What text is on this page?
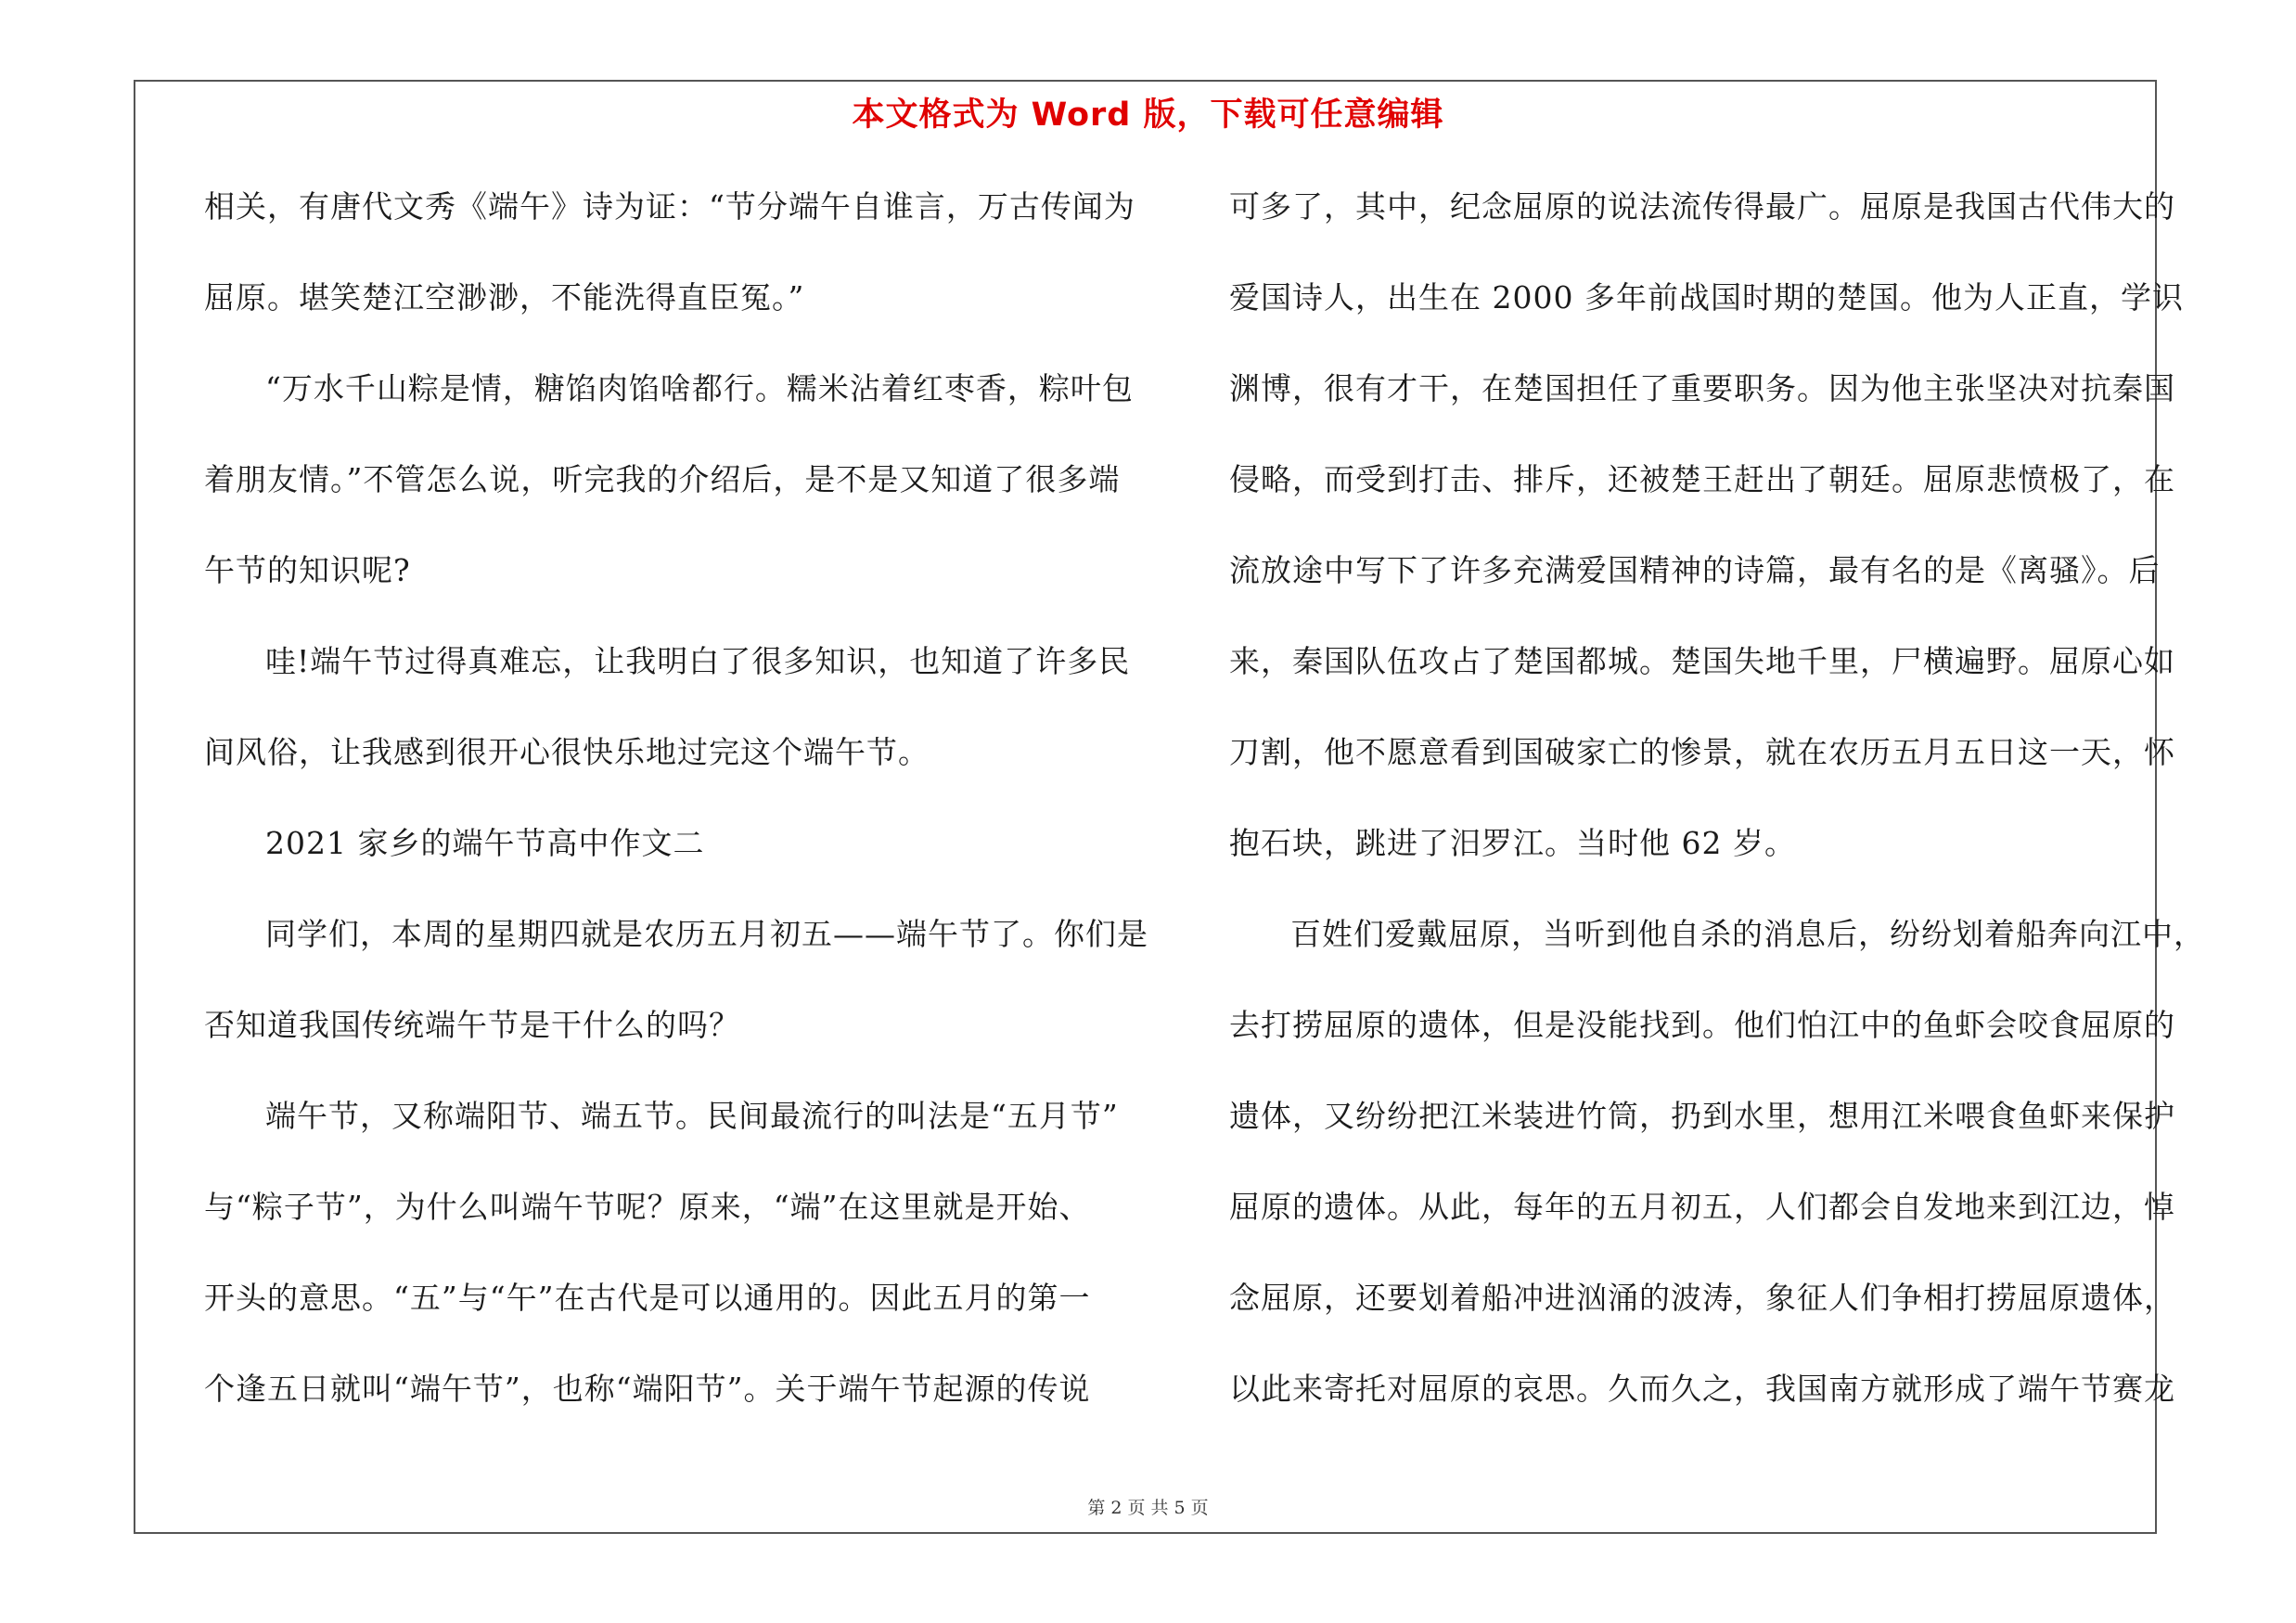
本文格式为 Word 版，下载可任意编辑
相关，有唐代文秀《端午》诗为证：“节分端午自谁言，万古传闻为
屈原。堪笑楚江空渺渺，不能洗得直臣冤。”
“万水千山粽是情，糖馅肉馅啥都行。糯米沾着红枣香，粽叶包
着朋友情。”不管怎么说，听完我的介绍后，是不是又知道了很多端
午节的知识呢?
哇!端午节过得真难忘，让我明白了很多知识，也知道了许多民
间风俗，让我感到很开心很快乐地过完这个端午节。
2021 家乡的端午节高中作文二
同学们，本周的星期四就是农历五月初五——端午节了。你们是
否知道我国传统端午节是干什么的吗？
端午节，又称端阳节、端五节。民间最流行的叫法是“五月节”
与“粽子节”，为什么叫端午节呢？原来，“端”在这里就是开始、
开头的意思。“五”与“午”在古代是可以通用的。因此五月的第一
个逢五日就叫“端午节”，也称“端阳节”。关于端午节起源的传说
可多了，其中，纪念屈原的说法流传得最广。屈原是我国古代伟大的
爱国诗人，出生在 2000 多年前战国时期的楚国。他为人正直，学识
渊博，很有才干，在楚国担任了重要职务。因为他主张坚决对抗秦国
侵略，而受到打击、排斥，还被楚王赶出了朝廷。屈原悲愤极了，在
流放途中写下了许多充满爱国精神的诗篇，最有名的是《离骚》。后
来，秦国队伍攻占了楚国都城。楚国失地千里，尸横遍野。屈原心如
刀割，他不愿意看到国破家亡的惨景，就在农历五月五日这一天，怀
抱石块，跳进了汨罗江。当时他 62 岁。
百姓们爱戴屈原，当听到他自杀的消息后，纷纷划着船奔向江中，
去打捞屈原的遗体，但是没能找到。他们怕江中的鱼虾会咬食屈原的
遗体，又纷纷把江米装进竹筒，扔到水里，想用江米喂食鱼虾来保护
屈原的遗体。从此，每年的五月初五，人们都会自发地来到江边，悼
念屈原，还要划着船冲进汹涌的波涛，象征人们争相打捞屈原遗体，
以此来寄托对屈原的哀思。久而久之，我国南方就形成了端午节赛龙
第 2 页 共 5 页
